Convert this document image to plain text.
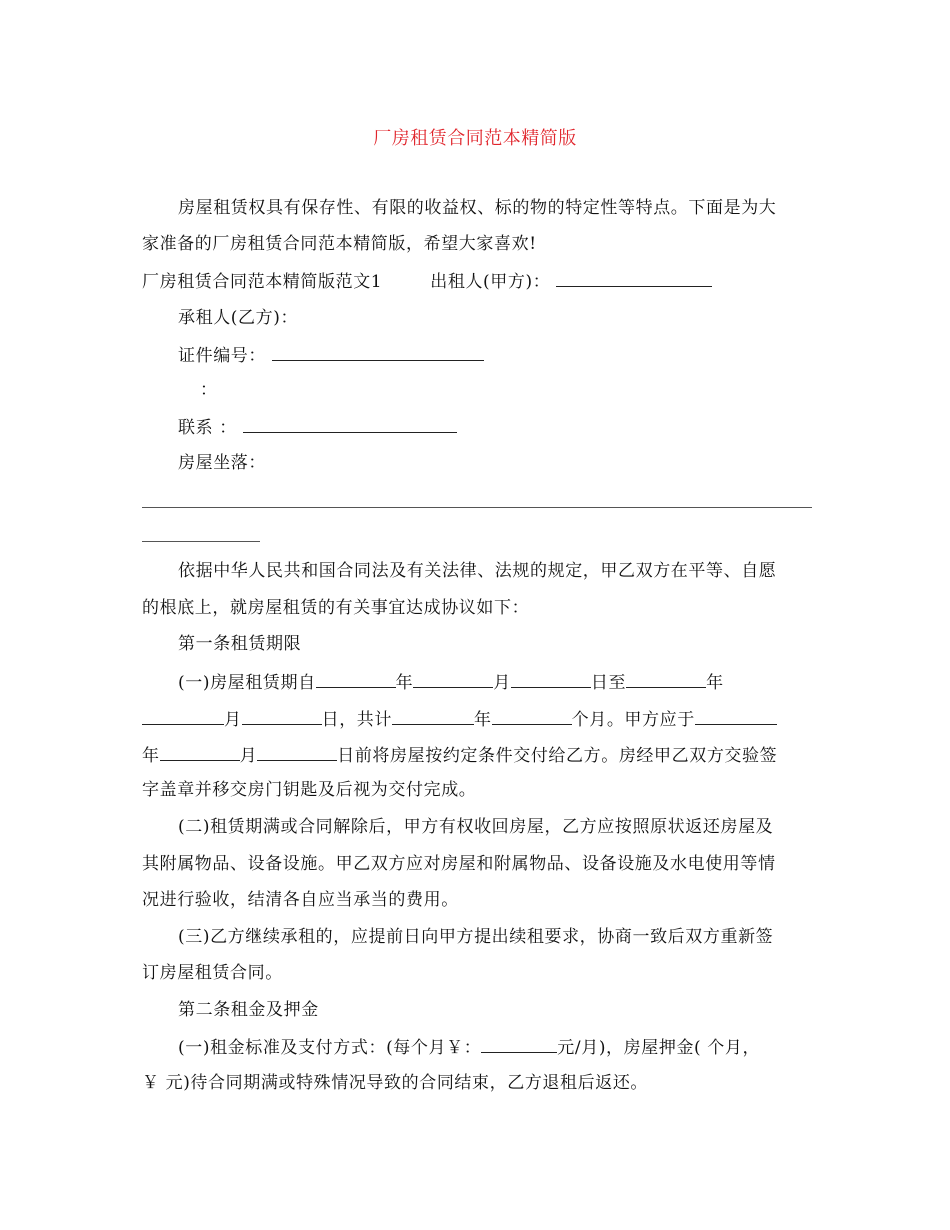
厂房租赁合同范本精简版
房屋租赁权具有保存性、有限的收益权、标的物的特定性等特点。下面是为大
家准备的厂房租赁合同范本精简版，希望大家喜欢!
厂房租赁合同范本精简版范文1	出租人(甲方)：
承租人(乙方)：
证件编号：
：
联系 ：
房屋坐落：
依据中华人民共和国合同法及有关法律、法规的规定，甲乙双方在平等、自愿
的根底上，就房屋租赁的有关事宜达成协议如下：
第一条租赁期限
(一)房屋租赁期自	年	月	日至	年
月	日，共计	年	个月。甲方应于
年	月	日前将房屋按约定条件交付给乙方。房经甲乙双方交验签
字盖章并移交房门钥匙及后视为交付完成。
(二)租赁期满或合同解除后，甲方有权收回房屋，乙方应按照原状返还房屋及
其附属物品、设备设施。甲乙双方应对房屋和附属物品、设备设施及水电使用等情
况进行验收，结清各自应当承当的费用。
(三)乙方继续承租的，应提前日向甲方提出续租要求，协商一致后双方重新签
订房屋租赁合同。
第二条租金及押金
(一)租金标准及支付方式：(每个月￥：	元/月)，房屋押金( 个月，
￥ 元)待合同期满或特殊情况导致的合同结束，乙方退租后返还。
